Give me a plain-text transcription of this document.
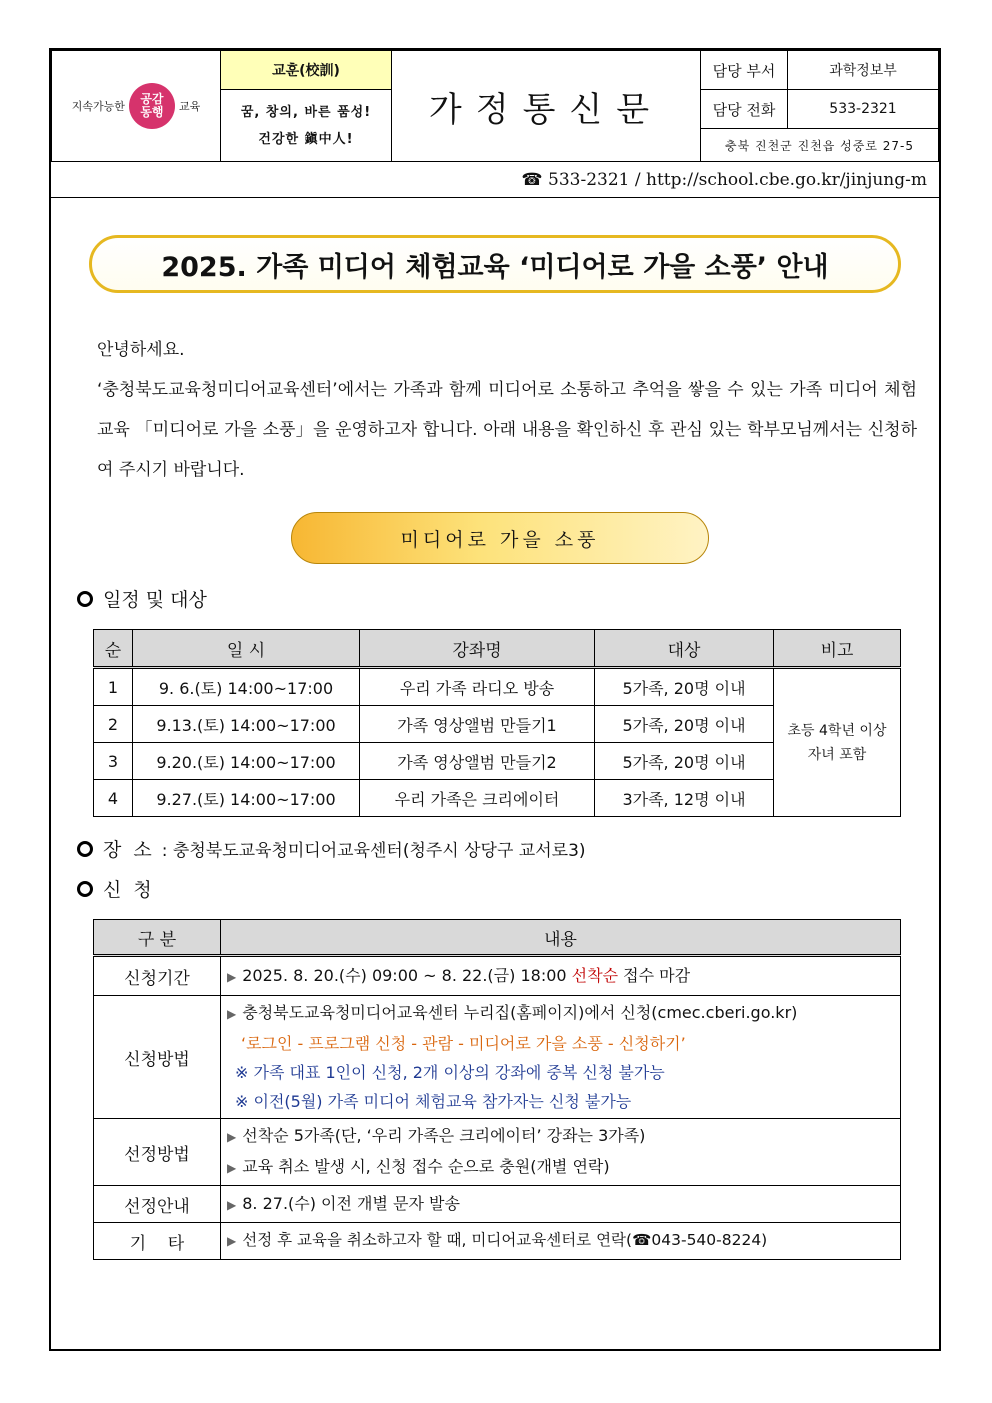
지속가능한
공감
동행 교육	교훈(校訓)	가정통신문	담당 부서	과학정보부

	꿈, 창의, 바른 품성!
건강한 鎭中人!		담당 전화	533-2321
			충북 진천군 진천읍 성중로 27-5	
☎ 533-2321 / http://school.cbe.go.kr/jinjung-m
2025. 가족 미디어 체험교육 ‘미디어로 가을 소풍’ 안내

안녕하세요.

‘충청북도교육청미디어교육센터’에서는 가족과 함께 미디어로 소통하고 추억을 쌓을 수 있는 가족 미디어 체험교육 「미디어로 가을 소풍」을 운영하고자 합니다. 아래 내용을 확인하신 후 관심 있는 학부모님께서는 신청하여 주시기 바랍니다.

미디어로 가을 소풍
일정 및 대상
순	일 시	강좌명	대상	비고
1	9. 6.(토) 14:00~17:00	우리 가족 라디오 방송	5가족, 20명 이내	초등 4학년 이상
자녀 포함

2	9.13.(토) 14:00~17:00	가족 영상앨범 만들기1	5가족, 20명 이내	
3	9.20.(토) 14:00~17:00	가족 영상앨범 만들기2	5가족, 20명 이내	
4	9.27.(토) 14:00~17:00	우리 가족은 크리에이터	3가족, 12명 이내	
장  소 : 충청북도교육청미디어교육센터(청주시 상당구 교서로3)
신  청
구 분	내용
신청기간	▶ 2025. 8. 20.(수) 09:00 ~ 8. 22.(금) 18:00 선착순 접수 마감

신청방법	▶ 충청북도교육청미디어교육센터 누리집(홈페이지)에서 신청(cmec.cberi.go.kr)
‘로그인 - 프로그램 신청 - 관람 - 미디어로 가을 소풍 - 신청하기’
※ 가족 대표 1인이 신청, 2개 이상의 강좌에 중복 신청 불가능
※ 이전(5월) 가족 미디어 체험교육 참가자는 신청 불가능

선정방법	▶ 선착순 5가족(단, ‘우리 가족은 크리에이터’ 강좌는 3가족)
▶ 교육 취소 발생 시, 신청 접수 순으로 충원(개별 연락)

선정안내	▶ 8. 27.(수) 이전 개별 문자 발송

기    타	▶ 선정 후 교육을 취소하고자 할 때, 미디어교육센터로 연락(☎043-540-8224)
